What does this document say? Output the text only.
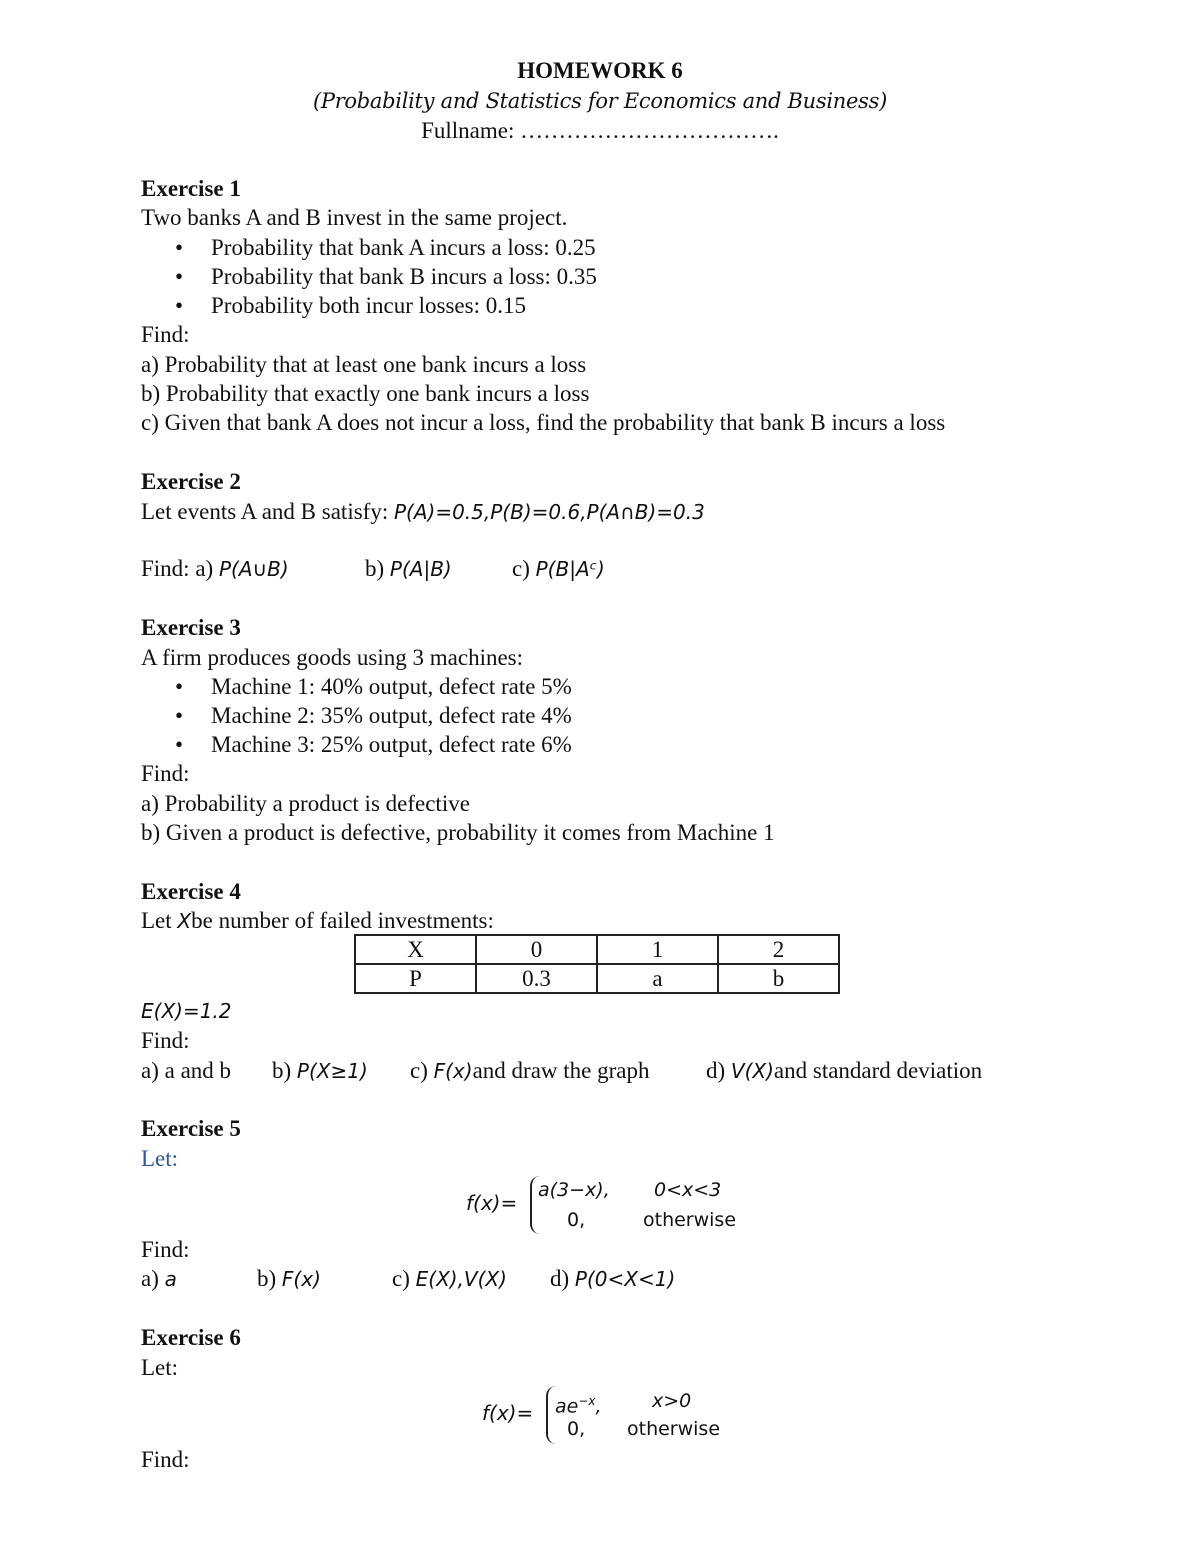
HOMEWORK 6
(Probability and Statistics for Economics and Business)
Fullname: …………………………….
Exercise 1
Two banks A and B invest in the same project.
• Probability that bank A incurs a loss: 0.25
• Probability that bank B incurs a loss: 0.35
• Probability both incur losses: 0.15
Find:
a) Probability that at least one bank incurs a loss
b) Probability that exactly one bank incurs a loss
c) Given that bank A does not incur a loss, find the probability that bank B incurs a loss
Exercise 2
Let events A and B satisfy: P(A)=0.5,P(B)=0.6,P(A∩B)=0.3
Find: a) P(A∪B)	b) P(A|B)	c) P(B|Aᶜ)
Exercise 3
A firm produces goods using 3 machines:
• Machine 1: 40% output, defect rate 5%
• Machine 2: 35% output, defect rate 4%
• Machine 3: 25% output, defect rate 6%
Find:
a) Probability a product is defective
b) Given a product is defective, probability it comes from Machine 1
Exercise 4
Let Xbe number of failed investments:
X	0	1	2
P	0.3	a	b
E(X)=1.2
Find:
a) a and b b) P(X≥1) c) F(x)and draw the graph d) V(X)and standard deviation
Exercise 5
Let:
f(x)=
a(3−x), 0<x<3
0,	otherwise
Find:
a) a	b) F(x)	c) E(X),V(X) d) P(0<X<1)
Exercise 6
Let:
$f(x)= ae^{-x}$,	x>0
0, otherwise
Find:
